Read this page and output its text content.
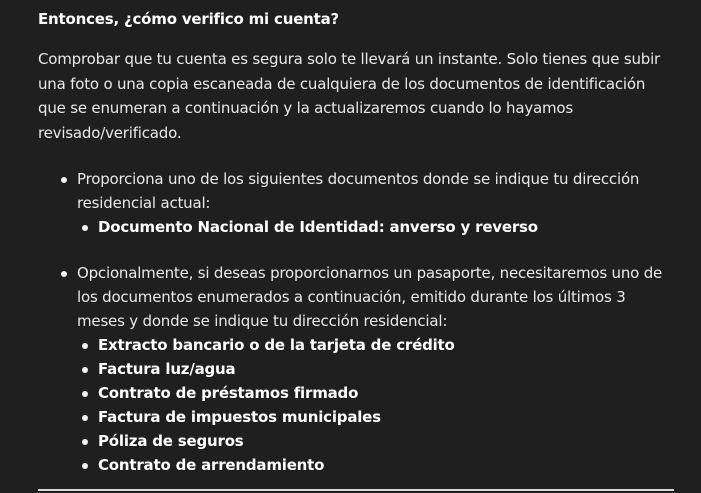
Entonces, ¿cómo verifico mi cuenta?

Comprobar que tu cuenta es segura solo te llevará un instante. Solo tienes que subir una foto o una copia escaneada de cualquiera de los documentos de identificación que se enumeran a continuación y la actualizaremos cuando lo hayamos revisado/verificado.

Proporciona uno de los siguientes documentos donde se indique tu dirección residencial actual:
Documento Nacional de Identidad: anverso y reverso
Opcionalmente, si deseas proporcionarnos un pasaporte, necesitaremos uno de los documentos enumerados a continuación, emitido durante los últimos 3 meses y donde se indique tu dirección residencial:
Extracto bancario o de la tarjeta de crédito
Factura luz/agua
Contrato de préstamos firmado
Factura de impuestos municipales
Póliza de seguros
Contrato de arrendamiento
